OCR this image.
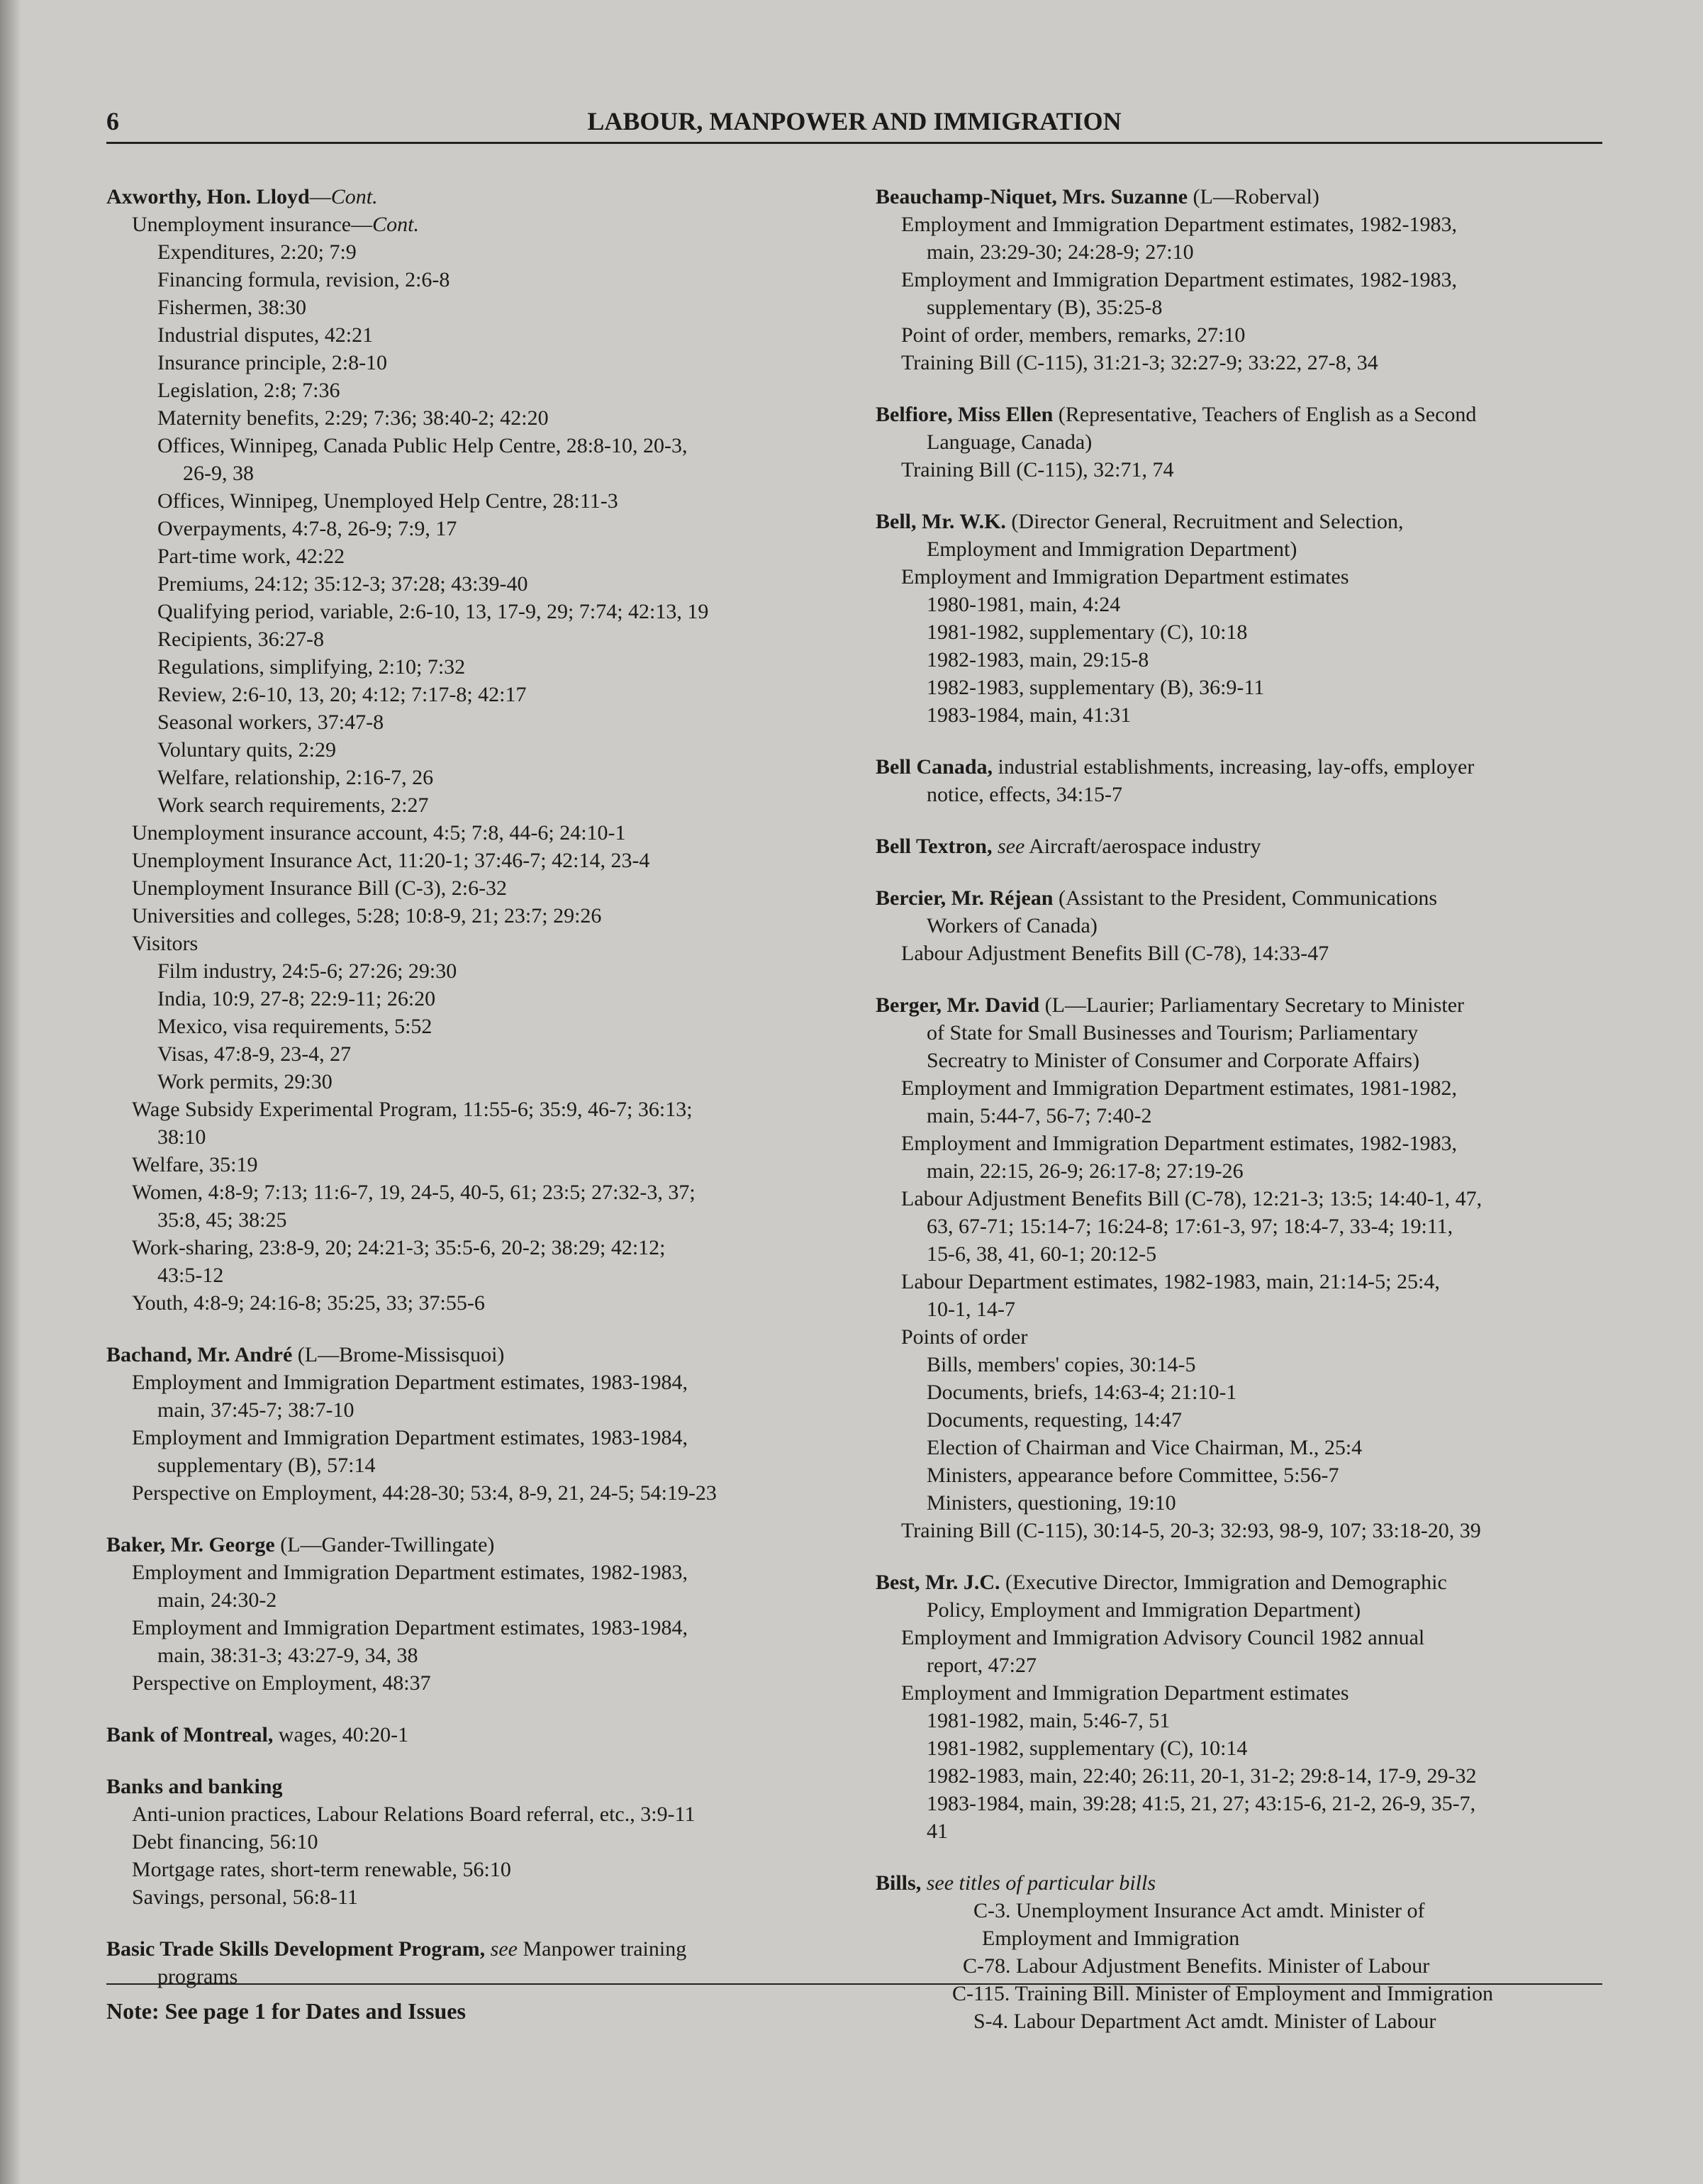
6	LABOUR, MANPOWER AND IMMIGRATION
Axworthy, Hon. Lloyd—Cont.
Unemployment insurance—Cont.
Expenditures, 2:20; 7:9
Financing formula, revision, 2:6-8
Fishermen, 38:30
Industrial disputes, 42:21
Insurance principle, 2:8-10
Legislation, 2:8; 7:36
Maternity benefits, 2:29; 7:36; 38:40-2; 42:20
Offices, Winnipeg, Canada Public Help Centre, 28:8-10, 20-3,
26-9, 38
Offices, Winnipeg, Unemployed Help Centre, 28:11-3
Overpayments, 4:7-8, 26-9; 7:9, 17
Part-time work, 42:22
Premiums, 24:12; 35:12-3; 37:28; 43:39-40
Qualifying period, variable, 2:6-10, 13, 17-9, 29; 7:74; 42:13, 19
Recipients, 36:27-8
Regulations, simplifying, 2:10; 7:32
Review, 2:6-10, 13, 20; 4:12; 7:17-8; 42:17
Seasonal workers, 37:47-8
Voluntary quits, 2:29
Welfare, relationship, 2:16-7, 26
Work search requirements, 2:27
Unemployment insurance account, 4:5; 7:8, 44-6; 24:10-1
Unemployment Insurance Act, 11:20-1; 37:46-7; 42:14, 23-4
Unemployment Insurance Bill (C-3), 2:6-32
Universities and colleges, 5:28; 10:8-9, 21; 23:7; 29:26
Visitors
Film industry, 24:5-6; 27:26; 29:30
India, 10:9, 27-8; 22:9-11; 26:20
Mexico, visa requirements, 5:52
Visas, 47:8-9, 23-4, 27
Work permits, 29:30
Wage Subsidy Experimental Program, 11:55-6; 35:9, 46-7; 36:13;
38:10
Welfare, 35:19
Women, 4:8-9; 7:13; 11:6-7, 19, 24-5, 40-5, 61; 23:5; 27:32-3, 37;
35:8, 45; 38:25
Work-sharing, 23:8-9, 20; 24:21-3; 35:5-6, 20-2; 38:29; 42:12;
43:5-12
Youth, 4:8-9; 24:16-8; 35:25, 33; 37:55-6
Bachand, Mr. André (L—Brome-Missisquoi)
Employment and Immigration Department estimates, 1983-1984,
main, 37:45-7; 38:7-10
Employment and Immigration Department estimates, 1983-1984,
supplementary (B), 57:14
Perspective on Employment, 44:28-30; 53:4, 8-9, 21, 24-5; 54:19-23
Baker, Mr. George (L—Gander-Twillingate)
Employment and Immigration Department estimates, 1982-1983,
main, 24:30-2
Employment and Immigration Department estimates, 1983-1984,
main, 38:31-3; 43:27-9, 34, 38
Perspective on Employment, 48:37
Bank of Montreal, wages, 40:20-1
Banks and banking
Anti-union practices, Labour Relations Board referral, etc., 3:9-11
Debt financing, 56:10
Mortgage rates, short-term renewable, 56:10
Savings, personal, 56:8-11
Basic Trade Skills Development Program, see Manpower training
programs
Beauchamp-Niquet, Mrs. Suzanne (L—Roberval)
Employment and Immigration Department estimates, 1982-1983,
main, 23:29-30; 24:28-9; 27:10
Employment and Immigration Department estimates, 1982-1983,
supplementary (B), 35:25-8
Point of order, members, remarks, 27:10
Training Bill (C-115), 31:21-3; 32:27-9; 33:22, 27-8, 34
Belfiore, Miss Ellen (Representative, Teachers of English as a Second
Language, Canada)
Training Bill (C-115), 32:71, 74
Bell, Mr. W.K. (Director General, Recruitment and Selection,
Employment and Immigration Department)
Employment and Immigration Department estimates
1980-1981, main, 4:24
1981-1982, supplementary (C), 10:18
1982-1983, main, 29:15-8
1982-1983, supplementary (B), 36:9-11
1983-1984, main, 41:31
Bell Canada, industrial establishments, increasing, lay-offs, employer
notice, effects, 34:15-7
Bell Textron, see Aircraft/aerospace industry
Bercier, Mr. Réjean (Assistant to the President, Communications
Workers of Canada)
Labour Adjustment Benefits Bill (C-78), 14:33-47
Berger, Mr. David (L—Laurier; Parliamentary Secretary to Minister
of State for Small Businesses and Tourism; Parliamentary
Secreatry to Minister of Consumer and Corporate Affairs)
Employment and Immigration Department estimates, 1981-1982,
main, 5:44-7, 56-7; 7:40-2
Employment and Immigration Department estimates, 1982-1983,
main, 22:15, 26-9; 26:17-8; 27:19-26
Labour Adjustment Benefits Bill (C-78), 12:21-3; 13:5; 14:40-1, 47,
63, 67-71; 15:14-7; 16:24-8; 17:61-3, 97; 18:4-7, 33-4; 19:11,
15-6, 38, 41, 60-1; 20:12-5
Labour Department estimates, 1982-1983, main, 21:14-5; 25:4,
10-1, 14-7
Points of order
Bills, members' copies, 30:14-5
Documents, briefs, 14:63-4; 21:10-1
Documents, requesting, 14:47
Election of Chairman and Vice Chairman, M., 25:4
Ministers, appearance before Committee, 5:56-7
Ministers, questioning, 19:10
Training Bill (C-115), 30:14-5, 20-3; 32:93, 98-9, 107; 33:18-20, 39
Best, Mr. J.C. (Executive Director, Immigration and Demographic
Policy, Employment and Immigration Department)
Employment and Immigration Advisory Council 1982 annual
report, 47:27
Employment and Immigration Department estimates
1981-1982, main, 5:46-7, 51
1981-1982, supplementary (C), 10:14
1982-1983, main, 22:40; 26:11, 20-1, 31-2; 29:8-14, 17-9, 29-32
1983-1984, main, 39:28; 41:5, 21, 27; 43:15-6, 21-2, 26-9, 35-7,
41
Bills, see titles of particular bills
  C-3. Unemployment Insurance Act amdt. Minister of
Employment and Immigration
 C-78. Labour Adjustment Benefits. Minister of Labour
C-115. Training Bill. Minister of Employment and Immigration
  S-4. Labour Department Act amdt. Minister of Labour
Note: See page 1 for Dates and Issues
